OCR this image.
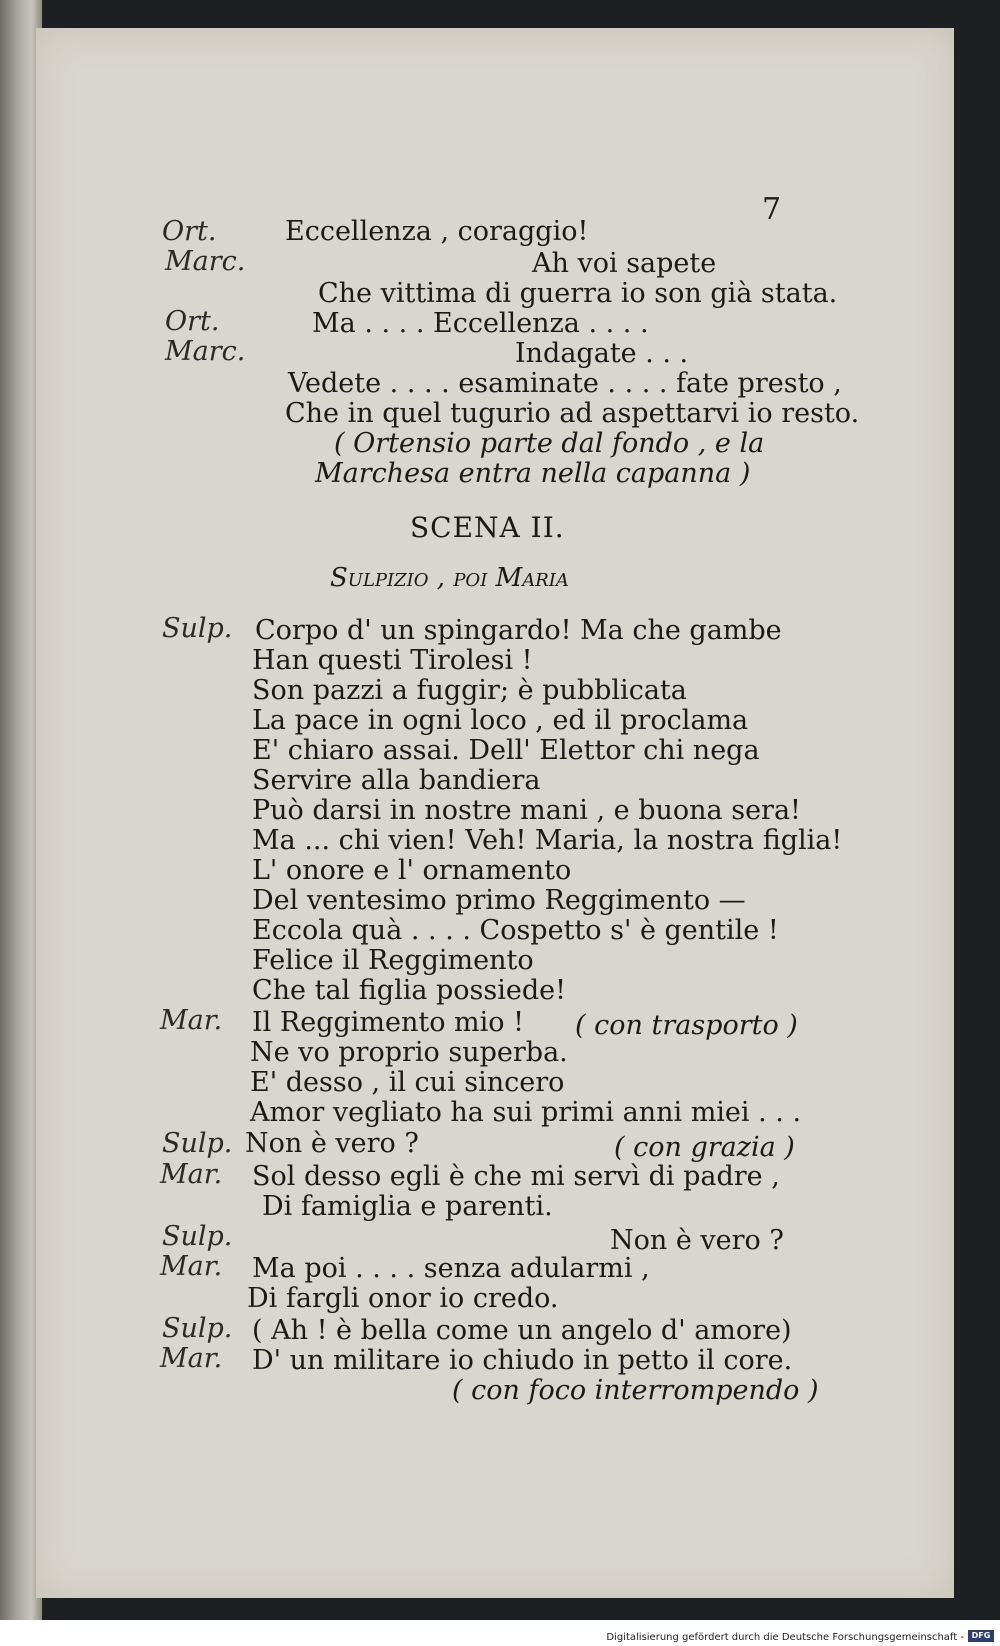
7
Ort.	Eccellenza , coraggio!
Marc.	Ah voi sapete
Che vittima di guerra io son già stata.
Ort.	Ma . . . . Eccellenza . . . .
Marc.	Indagate . . .
Vedete . . . . esaminate . . . . fate presto ,
Che in quel tugurio ad aspettarvi io resto.
( Ortensio parte dal fondo , e la
Marchesa entra nella capanna )
SCENA II.
Sulpizio , poi Maria
Sulp. Corpo d' un spingardo! Ma che gambe
Han questi Tirolesi !
Son pazzi a fuggir; è pubblicata
La pace in ogni loco , ed il proclama
E' chiaro assai. Dell' Elettor chi nega
Servire alla bandiera
Può darsi in nostre mani , e buona sera!
Ma ... chi vien! Veh! Maria, la nostra figlia!
L' onore e l' ornamento
Del ventesimo primo Reggimento —
Eccola quà . . . . Cospetto s' è gentile !
Felice il Reggimento
Che tal figlia possiede!
Mar. Il Reggimento mio ! ( con trasporto )
Ne vo proprio superba.
E' desso , il cui sincero
Amor vegliato ha sui primi anni miei . . .
Sulp. Non è vero ?	( con grazia )
Mar. Sol desso egli è che mi servì di padre ,
Di famiglia e parenti.
Sulp.	Non è vero ?
Mar. Ma poi . . . . senza adularmi ,
Di fargli onor io credo.
Sulp. ( Ah ! è bella come un angelo d' amore)
Mar. D' un militare io chiudo in petto il core.
( con foco interrompendo )
Digitalisierung gefördert durch die Deutsche Forschungsgemeinschaft - DFG
